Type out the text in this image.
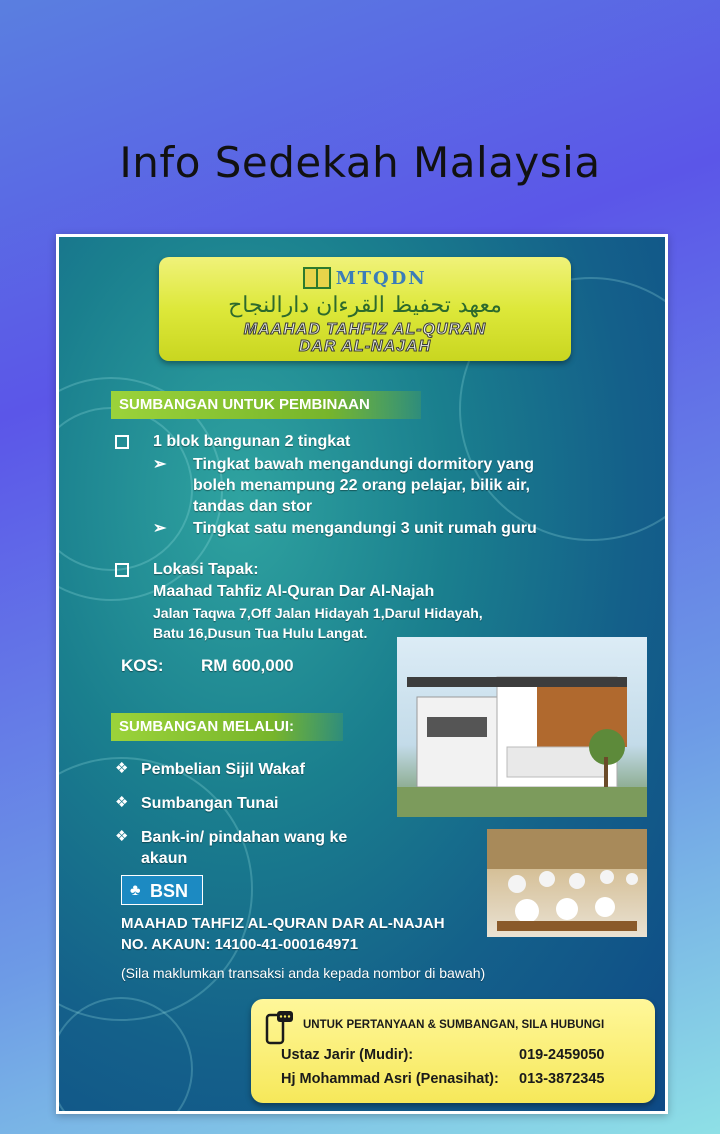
Info Sedekah Malaysia
MTQDN
معهد تحفيظ القرءان دارالنجاح
MAAHAD TAHFIZ AL-QURAN
DAR AL-NAJAH
SUMBANGAN UNTUK PEMBINAAN
1 blok bangunan 2 tingkat
➢ Tingkat bawah mengandungi dormitory yang
boleh menampung 22 orang pelajar, bilik air,
tandas dan stor
➢ Tingkat satu mengandungi 3 unit rumah guru
Lokasi Tapak:
Maahad Tahfiz Al-Quran Dar Al-Najah
Jalan Taqwa 7,Off Jalan Hidayah 1,Darul Hidayah,
Batu 16,Dusun Tua Hulu Langat.
KOS: RM 600,000
SUMBANGAN MELALUI:
❖ Pembelian Sijil Wakaf
❖ Sumbangan Tunai
❖ Bank-in/ pindahan wang ke
akaun
♣ BSN
MAAHAD TAHFIZ AL-QURAN DAR AL-NAJAH
NO. AKAUN: 14100-41-000164971
(Sila maklumkan transaksi anda kepada nombor di bawah)
UNTUK PERTANYAAN & SUMBANGAN, SILA HUBUNGI
Ustaz Jarir (Mudir):	019-2459050
Hj Mohammad Asri (Penasihat): 013-3872345
